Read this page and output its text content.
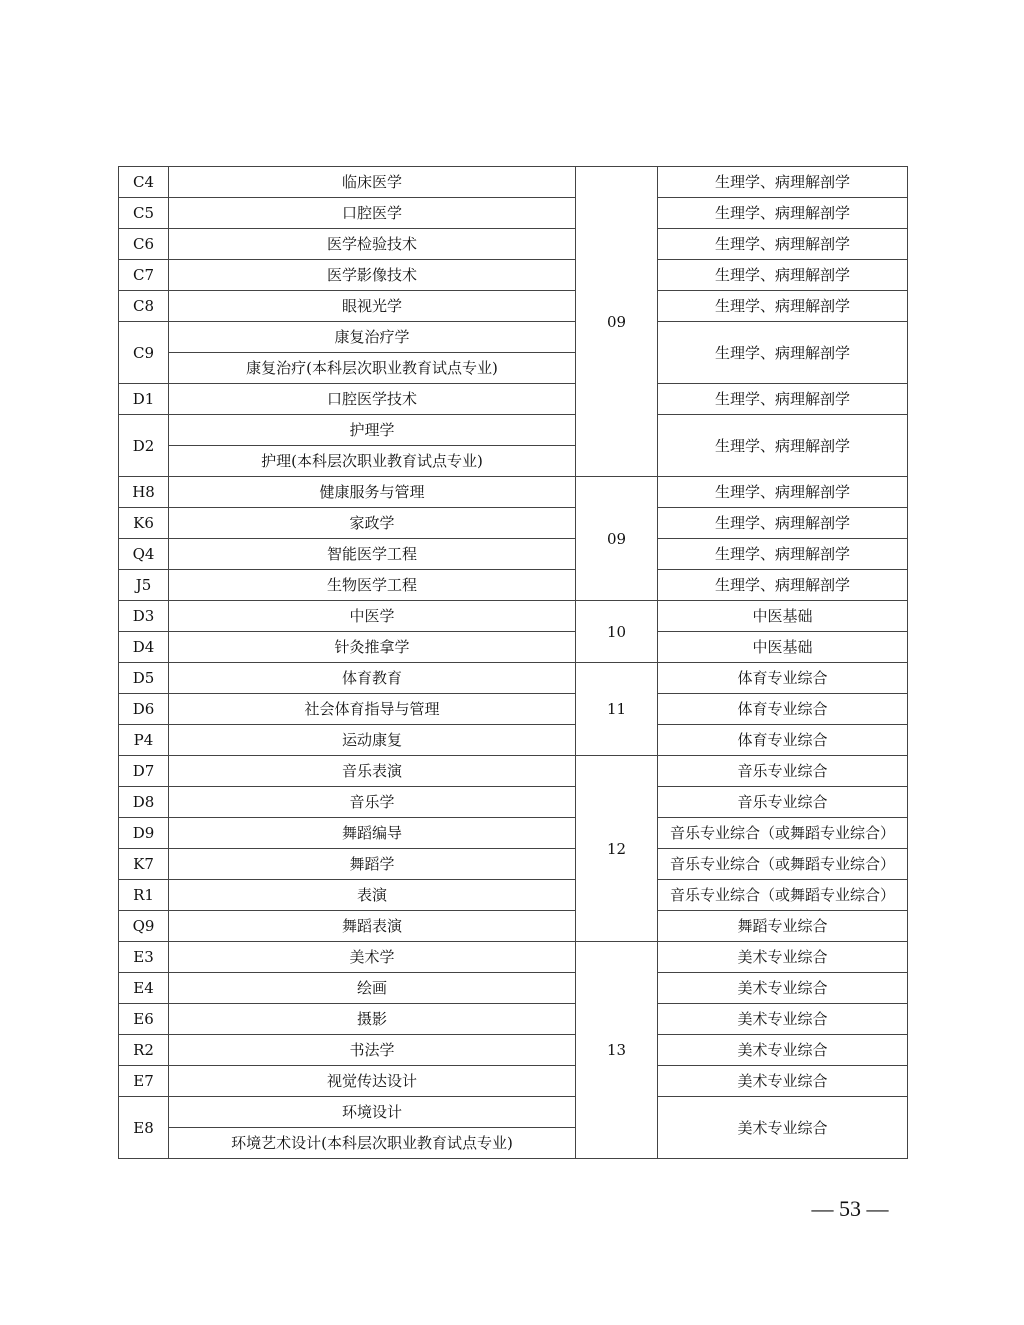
C4	临床医学	09	生理学、病理解剖学
C5	口腔医学		生理学、病理解剖学
C6	医学检验技术		生理学、病理解剖学
C7	医学影像技术		生理学、病理解剖学
C8	眼视光学		生理学、病理解剖学
C9	康复治疗学		生理学、病理解剖学
	康复治疗(本科层次职业教育试点专业)		
D1	口腔医学技术		生理学、病理解剖学
D2	护理学		生理学、病理解剖学
	护理(本科层次职业教育试点专业)		
H8	健康服务与管理	09	生理学、病理解剖学
K6	家政学		生理学、病理解剖学
Q4	智能医学工程		生理学、病理解剖学
J5	生物医学工程		生理学、病理解剖学
D3	中医学	10	中医基础
D4	针灸推拿学		中医基础
D5	体育教育	11	体育专业综合
D6	社会体育指导与管理		体育专业综合
P4	运动康复		体育专业综合
D7	音乐表演	12	音乐专业综合
D8	音乐学		音乐专业综合
D9	舞蹈编导		音乐专业综合（或舞蹈专业综合）
K7	舞蹈学		音乐专业综合（或舞蹈专业综合）
R1	表演		音乐专业综合（或舞蹈专业综合）
Q9	舞蹈表演		舞蹈专业综合
E3	美术学	13	美术专业综合
E4	绘画		美术专业综合
E6	摄影		美术专业综合
R2	书法学		美术专业综合
E7	视觉传达设计		美术专业综合
E8	环境设计		美术专业综合
	环境艺术设计(本科层次职业教育试点专业)		
— 53 —
